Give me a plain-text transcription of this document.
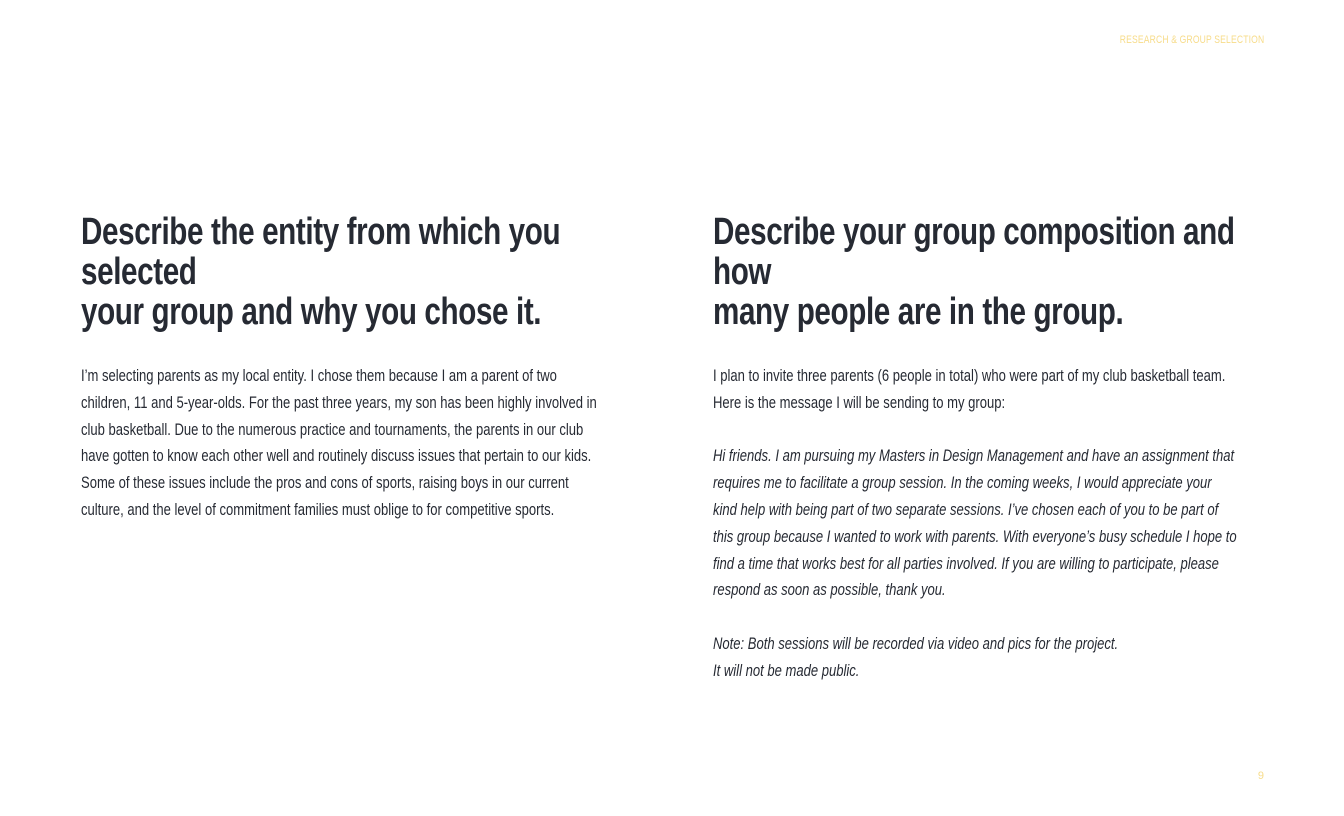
RESEARCH & GROUP SELECTION
Describe the entity from which you selected
your group and why you chose it.

I’m selecting parents as my local entity. I chose them because I am a parent of two
children, 11 and 5-year-olds. For the past three years, my son has been highly involved in
club basketball. Due to the numerous practice and tournaments, the parents in our club
have gotten to know each other well and routinely discuss issues that pertain to our kids.
Some of these issues include the pros and cons of sports, raising boys in our current
culture, and the level of commitment families must oblige to for competitive sports.

Describe your group composition and how
many people are in the group.

I plan to invite three parents (6 people in total) who were part of my club basketball team.
Here is the message I will be sending to my group:

Hi friends. I am pursuing my Masters in Design Management and have an assignment that
requires me to facilitate a group session. In the coming weeks, I would appreciate your
kind help with being part of two separate sessions. I’ve chosen each of you to be part of
this group because I wanted to work with parents. With everyone’s busy schedule I hope to
find a time that works best for all parties involved. If you are willing to participate, please
respond as soon as possible, thank you.

Note: Both sessions will be recorded via video and pics for the project.
It will not be made public.

9
